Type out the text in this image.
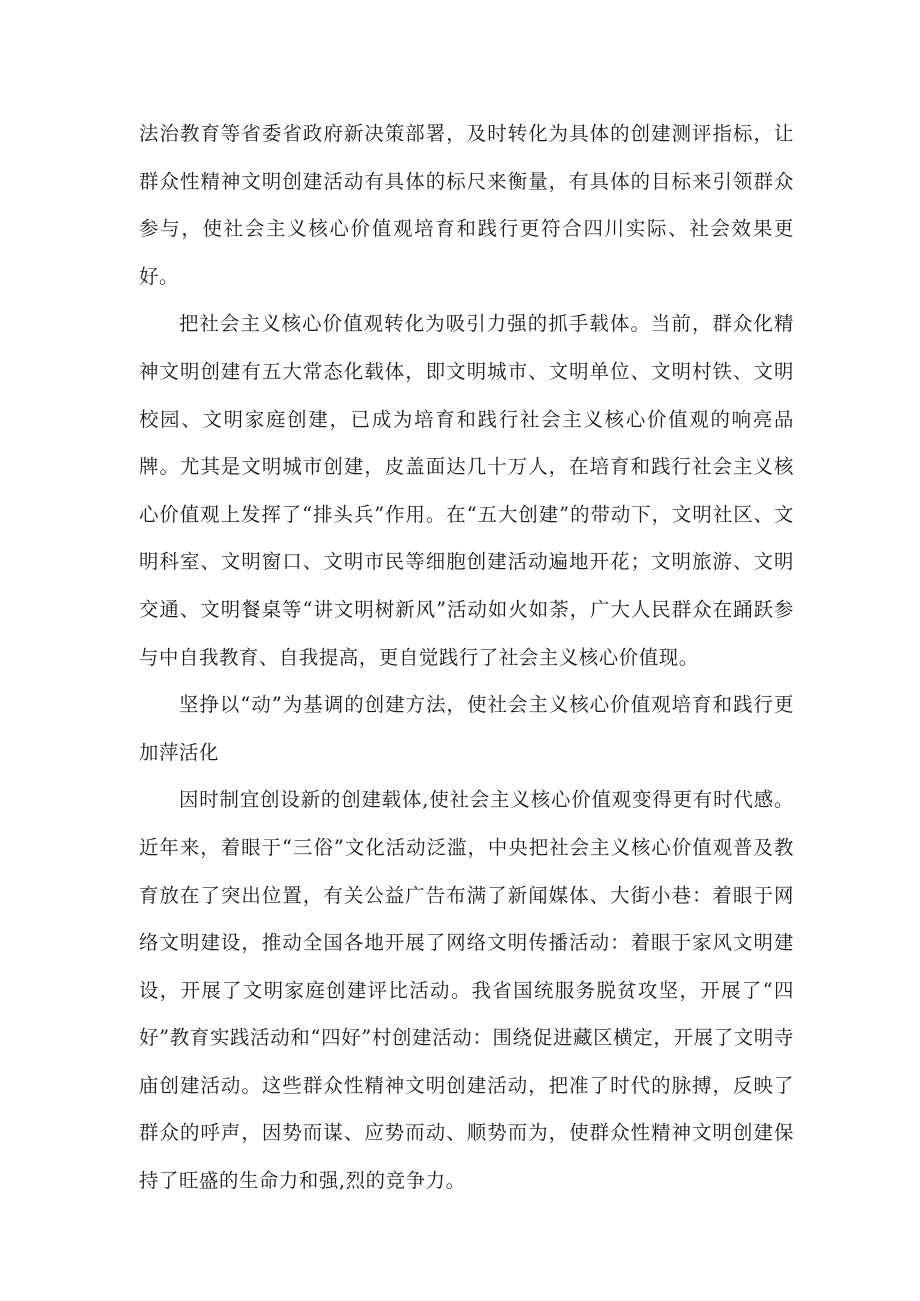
法治教育等省委省政府新决策部署，及时转化为具体的创建测评指标，让群众性精神文明创建活动有具体的标尺来衡量，有具体的目标来引领群众参与，使社会主义核心价值观培育和践行更符合四川实际、社会效果更好。

把社会主义核心价值观转化为吸引力强的抓手载体。当前，群众化精神文明创建有五大常态化载体，即文明城市、文明单位、文明村铁、文明校园、文明家庭创建，已成为培育和践行社会主义核心价值观的响亮品牌。尤其是文明城市创建，皮盖面达几十万人，在培育和践行社会主义核心价值观上发挥了“排头兵”作用。在“五大创建”的带动下，文明社区、文明科室、文明窗口、文明市民等细胞创建活动遍地开花；文明旅游、文明交通、文明餐桌等“讲文明树新风”活动如火如荼，广大人民群众在踊跃参与中自我教育、自我提高，更自觉践行了社会主义核心价值现。

坚挣以“动”为基调的创建方法，使社会主义核心价值观培育和践行更加萍活化

因时制宜创设新的创建载体,使社会主义核心价值观变得更有时代感。近年来，着眼于“三俗”文化活动泛滥，中央把社会主义核心价值观普及教育放在了突出位置，有关公益广告布满了新闻媒体、大街小巷：着眼于网络文明建设，推动全国各地开展了网络文明传播活动：着眼于家风文明建设，开展了文明家庭创建评比活动。我省国统服务脱贫攻坚，开展了“四好”教育实践活动和“四好”村创建活动：围绕促进藏区横定，开展了文明寺庙创建活动。这些群众性精神文明创建活动，把准了时代的脉搏，反映了群众的呼声，因势而谋、应势而动、顺势而为，使群众性精神文明创建保持了旺盛的生命力和强,烈的竞争力。
